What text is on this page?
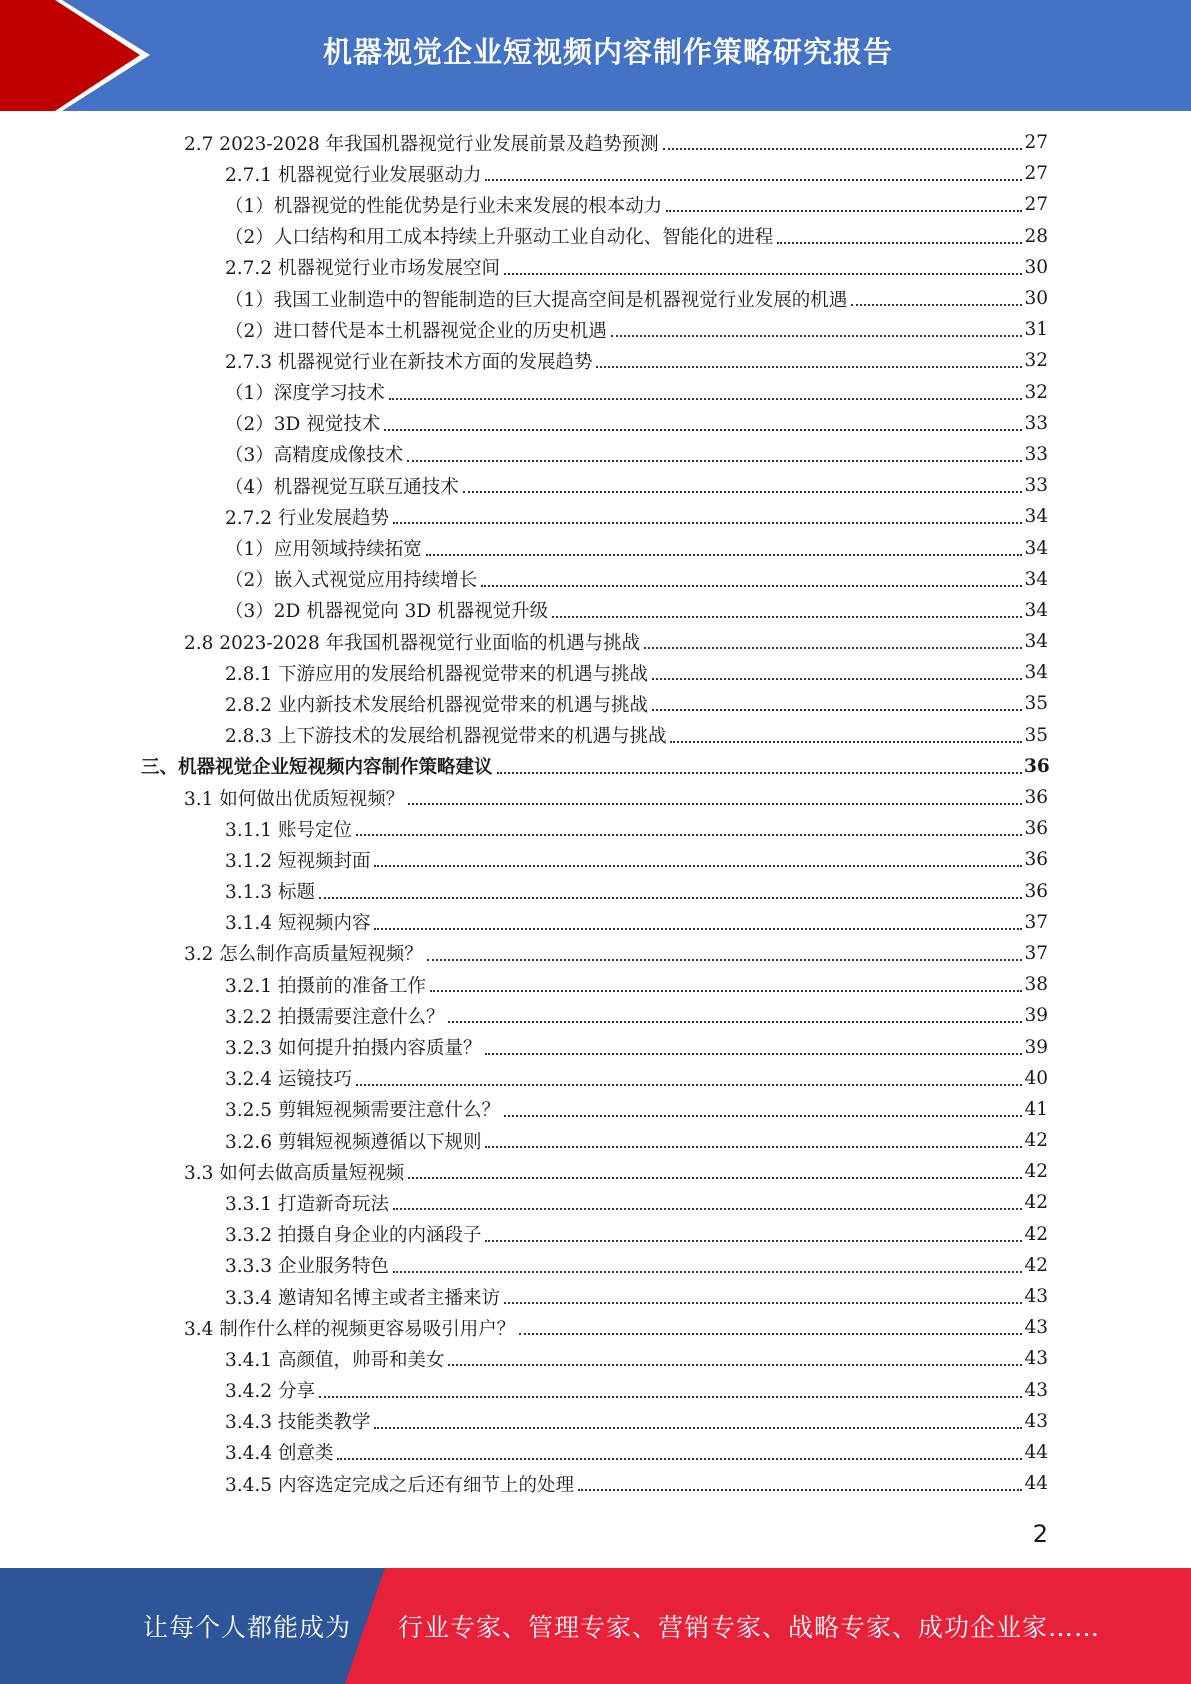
机器视觉企业短视频内容制作策略研究报告
2.7 2023-2028 年我国机器视觉行业发展前景及趋势预测	27
2.7.1 机器视觉行业发展驱动力	27
（1）机器视觉的性能优势是行业未来发展的根本动力	27
（2）人口结构和用工成本持续上升驱动工业自动化、智能化的进程	28
2.7.2 机器视觉行业市场发展空间	30
（1）我国工业制造中的智能制造的巨大提高空间是机器视觉行业发展的机遇	30
（2）进口替代是本土机器视觉企业的历史机遇	31
2.7.3 机器视觉行业在新技术方面的发展趋势	32
（1）深度学习技术	32
（2）3D 视觉技术	33
（3）高精度成像技术	33
（4）机器视觉互联互通技术	33
2.7.2 行业发展趋势	34
（1）应用领域持续拓宽	34
（2）嵌入式视觉应用持续增长	34
（3）2D 机器视觉向 3D 机器视觉升级	34
2.8 2023-2028 年我国机器视觉行业面临的机遇与挑战	34
2.8.1 下游应用的发展给机器视觉带来的机遇与挑战	34
2.8.2 业内新技术发展给机器视觉带来的机遇与挑战	35
2.8.3 上下游技术的发展给机器视觉带来的机遇与挑战	35
三、机器视觉企业短视频内容制作策略建议	36
3.1 如何做出优质短视频？	36
3.1.1 账号定位	36
3.1.2 短视频封面	36
3.1.3 标题	36
3.1.4 短视频内容	37
3.2 怎么制作高质量短视频？	37
3.2.1 拍摄前的准备工作	38
3.2.2 拍摄需要注意什么？	39
3.2.3 如何提升拍摄内容质量？	39
3.2.4 运镜技巧	40
3.2.5 剪辑短视频需要注意什么？	41
3.2.6 剪辑短视频遵循以下规则	42
3.3 如何去做高质量短视频	42
3.3.1 打造新奇玩法	42
3.3.2 拍摄自身企业的内涵段子	42
3.3.3 企业服务特色	42
3.3.4 邀请知名博主或者主播来访	43
3.4 制作什么样的视频更容易吸引用户？	43
3.4.1 高颜值，帅哥和美女	43
3.4.2 分享	43
3.4.3 技能类教学	43
3.4.4 创意类	44
3.4.5 内容选定完成之后还有细节上的处理	44
2
让每个人都能成为 行业专家、管理专家、营销专家、战略专家、成功企业家……
